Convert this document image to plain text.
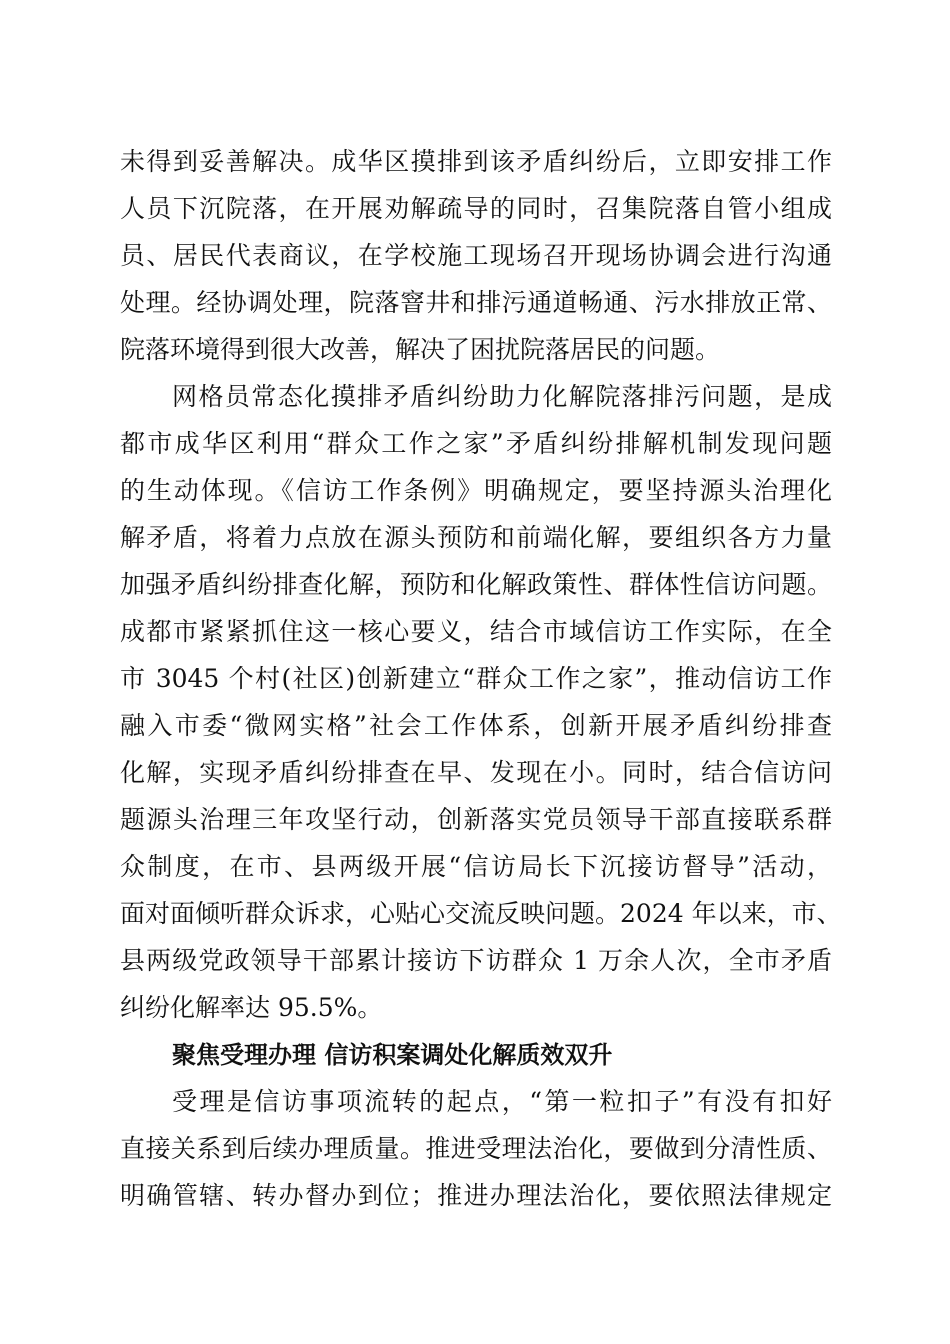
未得到妥善解决。成华区摸排到该矛盾纠纷后，立即安排工作
人员下沉院落，在开展劝解疏导的同时，召集院落自管小组成
员、居民代表商议，在学校施工现场召开现场协调会进行沟通
处理。经协调处理，院落窨井和排污通道畅通、污水排放正常、
院落环境得到很大改善，解决了困扰院落居民的问题。
网格员常态化摸排矛盾纠纷助力化解院落排污问题，是成
都市成华区利用“群众工作之家”矛盾纠纷排解机制发现问题
的生动体现。《信访工作条例》明确规定，要坚持源头治理化
解矛盾，将着力点放在源头预防和前端化解，要组织各方力量
加强矛盾纠纷排查化解，预防和化解政策性、群体性信访问题。
成都市紧紧抓住这一核心要义，结合市域信访工作实际，在全
市 3045 个村(社区)创新建立“群众工作之家”，推动信访工作
融入市委“微网实格”社会工作体系，创新开展矛盾纠纷排查
化解，实现矛盾纠纷排查在早、发现在小。同时，结合信访问
题源头治理三年攻坚行动，创新落实党员领导干部直接联系群
众制度，在市、县两级开展“信访局长下沉接访督导”活动，
面对面倾听群众诉求，心贴心交流反映问题。2024 年以来，市、
县两级党政领导干部累计接访下访群众 1 万余人次，全市矛盾
纠纷化解率达 95.5%。
聚焦受理办理 信访积案调处化解质效双升
受理是信访事项流转的起点，“第一粒扣子”有没有扣好
直接关系到后续办理质量。推进受理法治化，要做到分清性质、
明确管辖、转办督办到位；推进办理法治化，要依照法律规定
